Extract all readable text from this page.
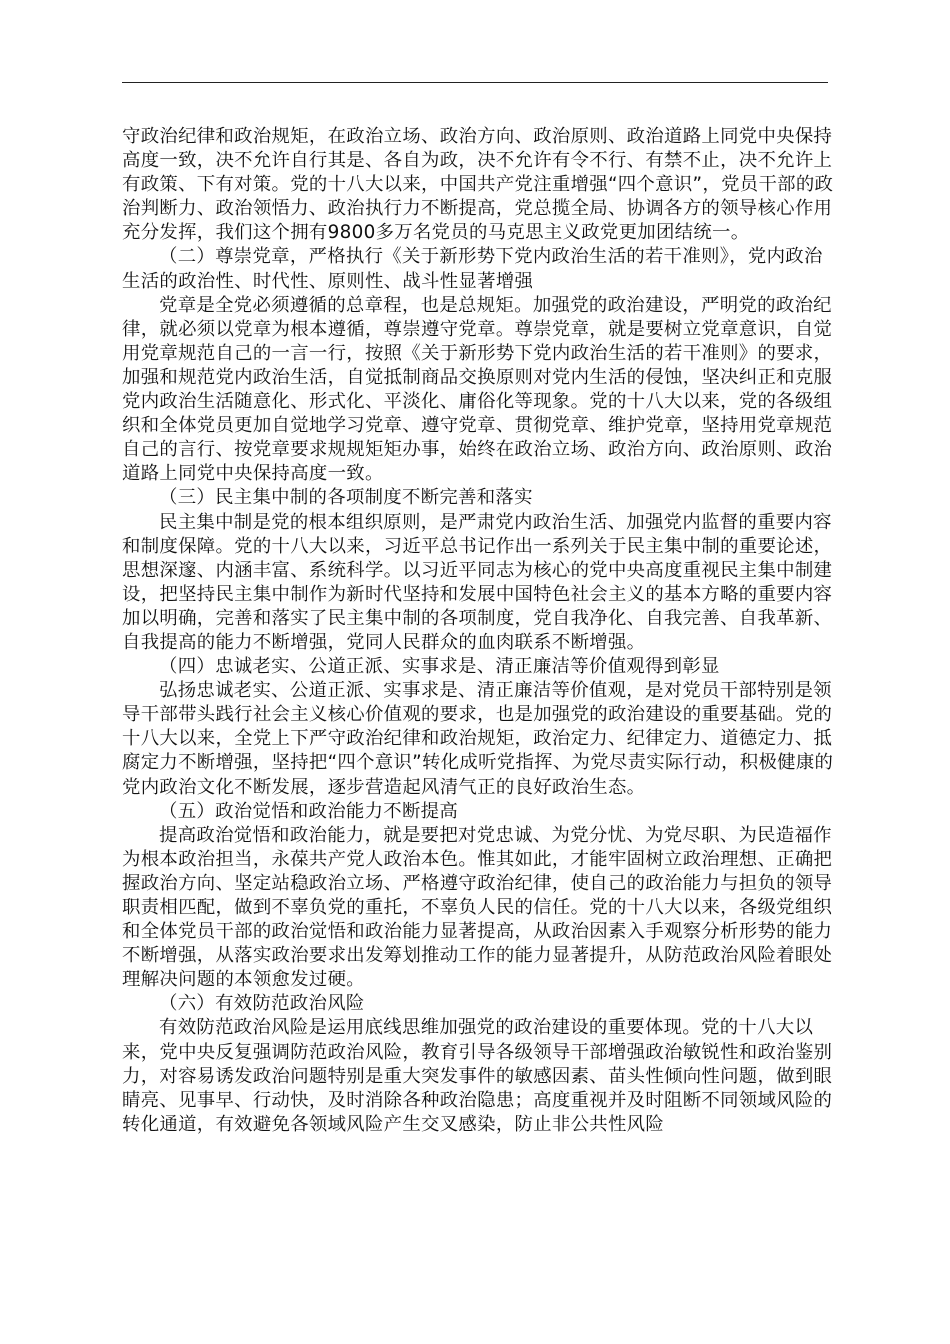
守政治纪律和政治规矩，在政治立场、政治方向、政治原则、政治道路上同党中央保持高度一致，决不允许自行其是、各自为政，决不允许有令不行、有禁不止，决不允许上有政策、下有对策。党的十八大以来，中国共产党注重增强“四个意识”，党员干部的政治判断力、政治领悟力、政治执行力不断提高，党总揽全局、协调各方的领导核心作用充分发挥，我们这个拥有9800多万名党员的马克思主义政党更加团结统一。

（二）尊崇党章，严格执行《关于新形势下党内政治生活的若干准则》，党内政治生活的政治性、时代性、原则性、战斗性显著增强

党章是全党必须遵循的总章程，也是总规矩。加强党的政治建设，严明党的政治纪律，就必须以党章为根本遵循，尊崇遵守党章。尊崇党章，就是要树立党章意识，自觉用党章规范自己的一言一行，按照《关于新形势下党内政治生活的若干准则》的要求，加强和规范党内政治生活，自觉抵制商品交换原则对党内生活的侵蚀，坚决纠正和克服党内政治生活随意化、形式化、平淡化、庸俗化等现象。党的十八大以来，党的各级组织和全体党员更加自觉地学习党章、遵守党章、贯彻党章、维护党章，坚持用党章规范自己的言行、按党章要求规规矩矩办事，始终在政治立场、政治方向、政治原则、政治道路上同党中央保持高度一致。

（三）民主集中制的各项制度不断完善和落实

民主集中制是党的根本组织原则，是严肃党内政治生活、加强党内监督的重要内容和制度保障。党的十八大以来，习近平总书记作出一系列关于民主集中制的重要论述，思想深邃、内涵丰富、系统科学。以习近平同志为核心的党中央高度重视民主集中制建设，把坚持民主集中制作为新时代坚持和发展中国特色社会主义的基本方略的重要内容加以明确，完善和落实了民主集中制的各项制度，党自我净化、自我完善、自我革新、自我提高的能力不断增强，党同人民群众的血肉联系不断增强。

（四）忠诚老实、公道正派、实事求是、清正廉洁等价值观得到彰显

弘扬忠诚老实、公道正派、实事求是、清正廉洁等价值观，是对党员干部特别是领导干部带头践行社会主义核心价值观的要求，也是加强党的政治建设的重要基础。党的十八大以来，全党上下严守政治纪律和政治规矩，政治定力、纪律定力、道德定力、抵腐定力不断增强，坚持把“四个意识”转化成听党指挥、为党尽责实际行动，积极健康的党内政治文化不断发展，逐步营造起风清气正的良好政治生态。

（五）政治觉悟和政治能力不断提高

提高政治觉悟和政治能力，就是要把对党忠诚、为党分忧、为党尽职、为民造福作为根本政治担当，永葆共产党人政治本色。惟其如此，才能牢固树立政治理想、正确把握政治方向、坚定站稳政治立场、严格遵守政治纪律，使自己的政治能力与担负的领导职责相匹配，做到不辜负党的重托，不辜负人民的信任。党的十八大以来，各级党组织和全体党员干部的政治觉悟和政治能力显著提高，从政治因素入手观察分析形势的能力不断增强，从落实政治要求出发筹划推动工作的能力显著提升，从防范政治风险着眼处理解决问题的本领愈发过硬。

（六）有效防范政治风险

有效防范政治风险是运用底线思维加强党的政治建设的重要体现。党的十八大以来，党中央反复强调防范政治风险，教育引导各级领导干部增强政治敏锐性和政治鉴别力，对容易诱发政治问题特别是重大突发事件的敏感因素、苗头性倾向性问题，做到眼睛亮、见事早、行动快，及时消除各种政治隐患；高度重视并及时阻断不同领域风险的转化通道，有效避免各领域风险产生交叉感染，防止非公共性风险
